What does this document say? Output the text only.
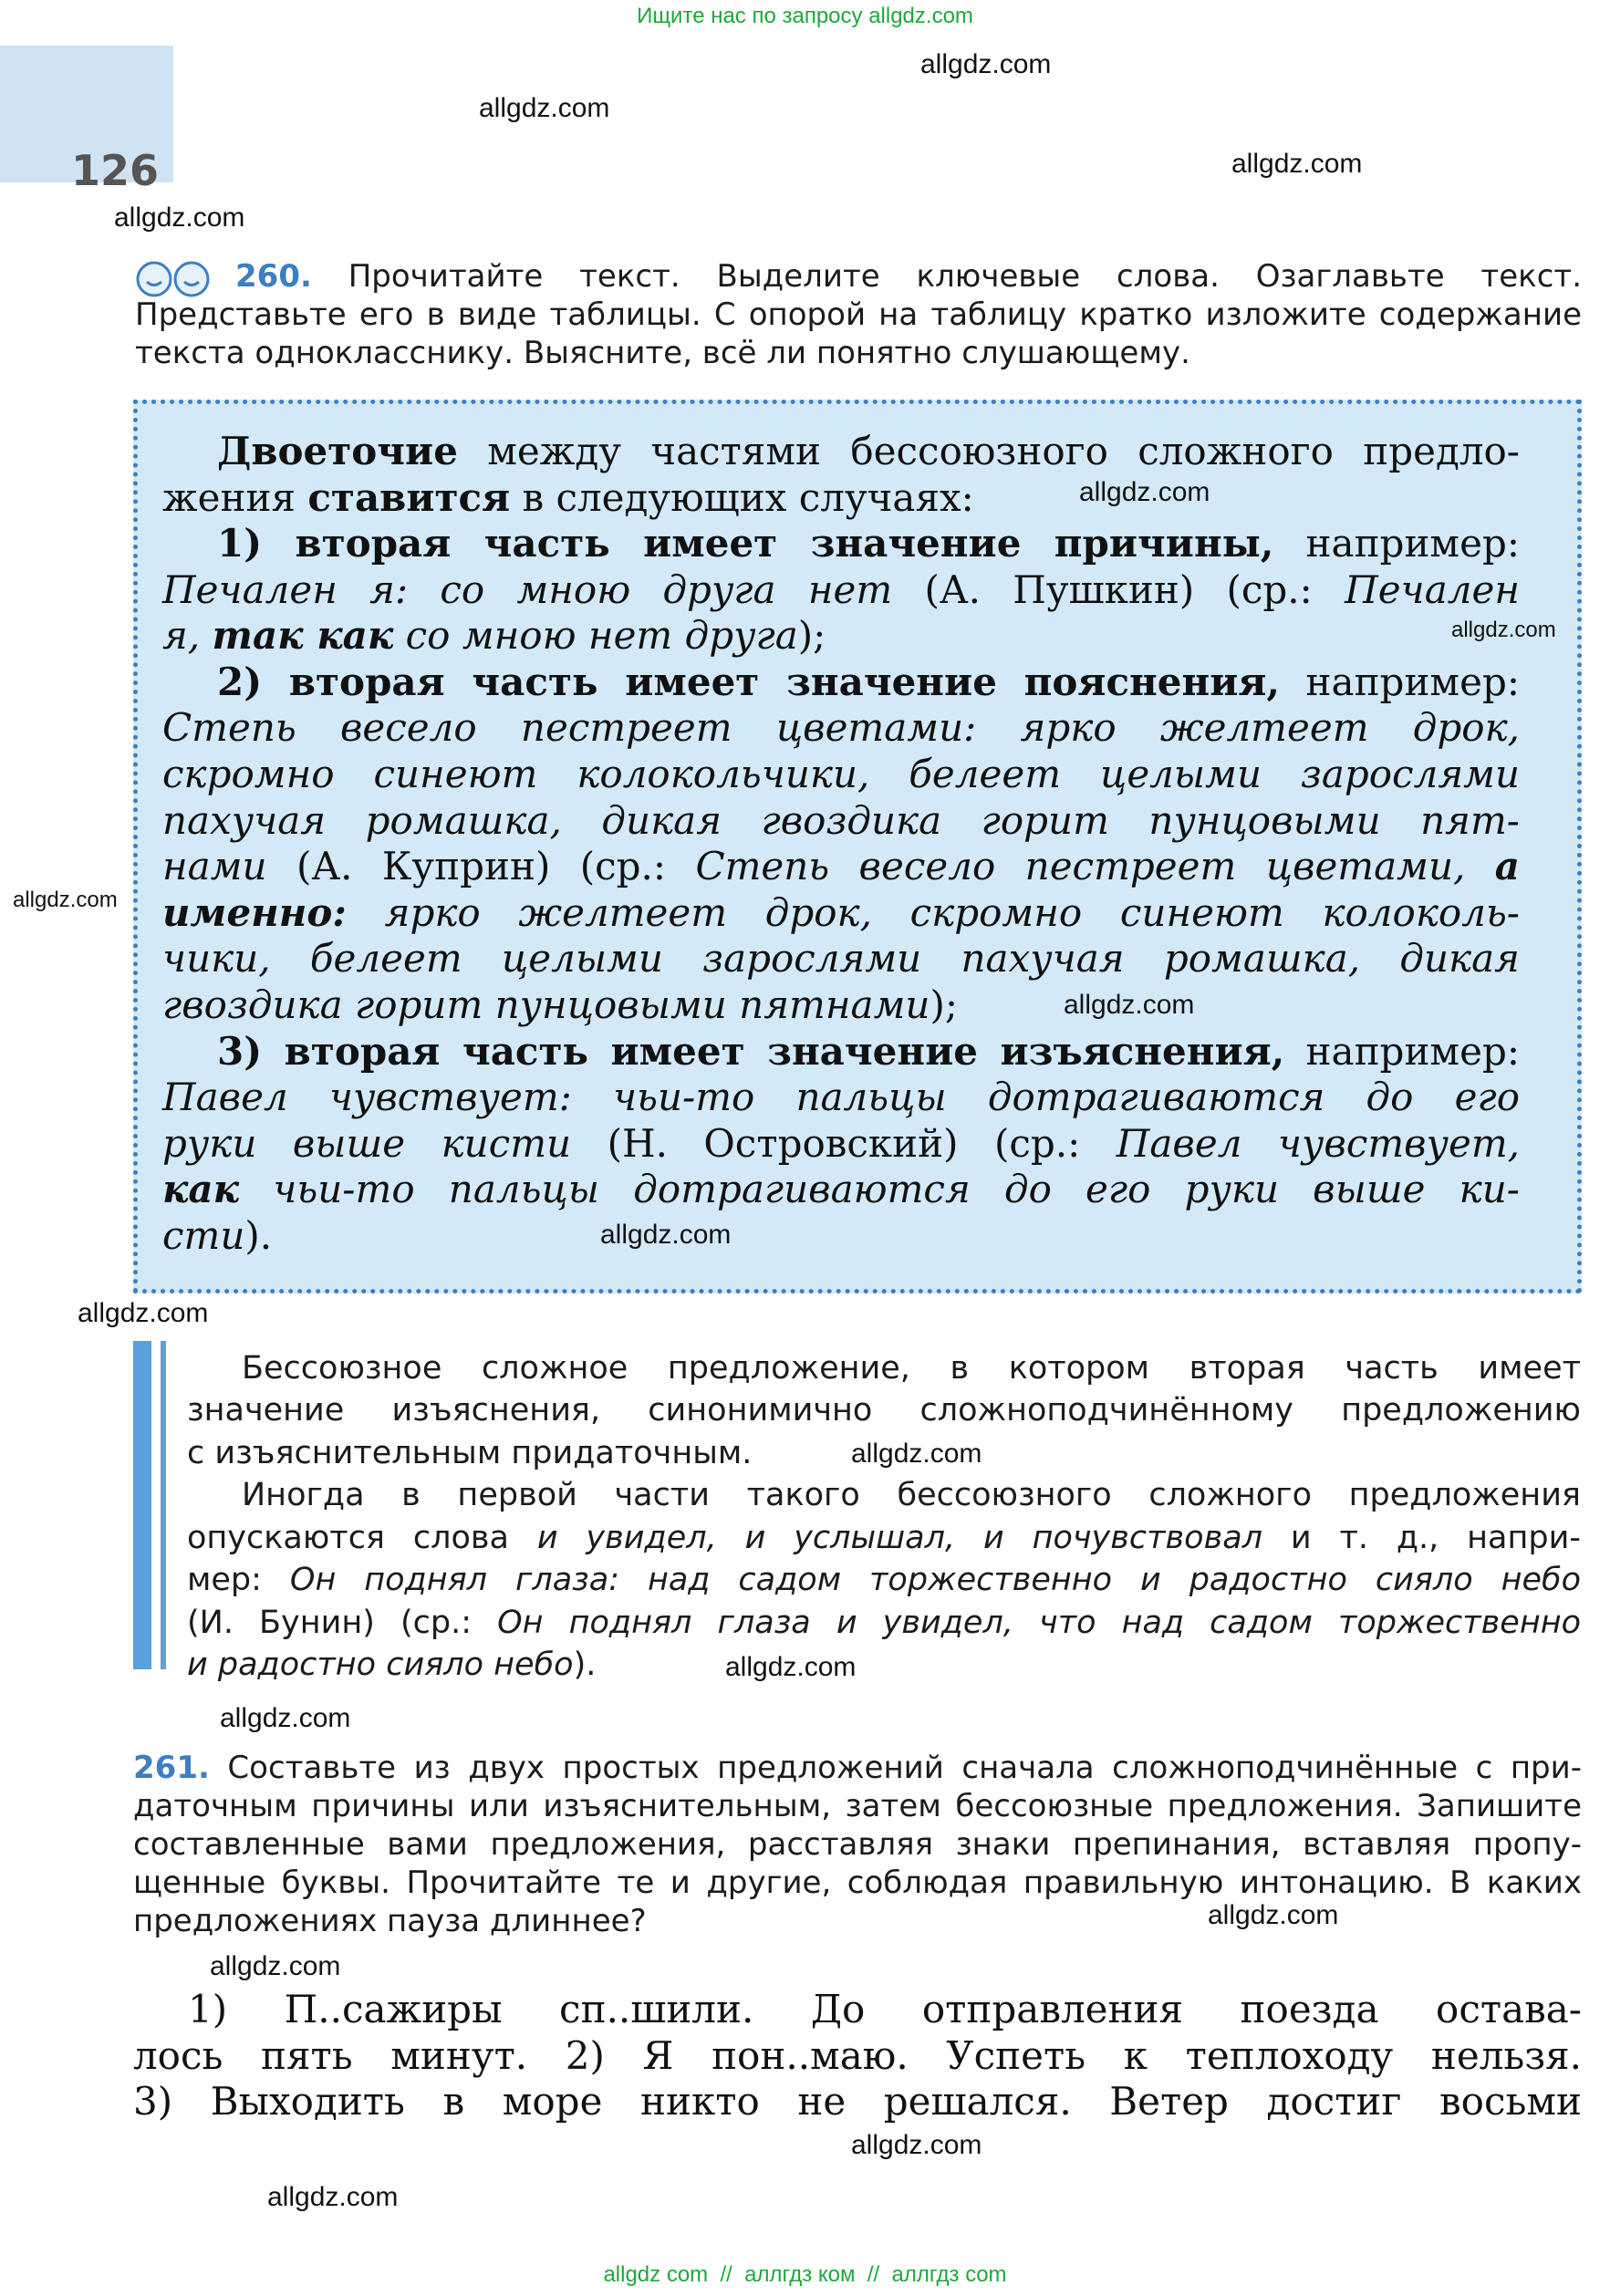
Ищите нас по запросу allgdz.com
126
260. Прочитайте текст. Выделите ключевые слова. Озаглавьте текст.
Представьте его в виде таблицы. С опорой на таблицу кратко изложите содержание
текста однокласснику. Выясните, всё ли понятно слушающему.
Двоеточие между частями бессоюзного сложного предло-
жения ставится в следующих случаях:
1) вторая часть имеет значение причины, например:
Печален я: со мною друга нет (А. Пушкин) (ср.: Печален
я, так как со мною нет друга);
2) вторая часть имеет значение пояснения, например:
Степь весело пестреет цветами: ярко желтеет дрок,
скромно синеют колокольчики, белеет целыми зарослями
пахучая ромашка, дикая гвоздика горит пунцовыми пят-
нами (А. Куприн) (ср.: Степь весело пестреет цветами, а
именно: ярко желтеет дрок, скромно синеют колоколь-
чики, белеет целыми зарослями пахучая ромашка, дикая
гвоздика горит пунцовыми пятнами);
3) вторая часть имеет значение изъяснения, например:
Павел чувствует: чьи-то пальцы дотрагиваются до его
руки выше кисти (Н. Островский) (ср.: Павел чувствует,
как чьи-то пальцы дотрагиваются до его руки выше ки-
сти).
Бессоюзное сложное предложение, в котором вторая часть имеет
значение изъяснения, синонимично сложноподчинённому предложению
с изъяснительным придаточным.
Иногда в первой части такого бессоюзного сложного предложения
опускаются слова и увидел, и услышал, и почувствовал и т. д., напри-
мер: Он поднял глаза: над садом торжественно и радостно сияло небо
(И. Бунин) (ср.: Он поднял глаза и увидел, что над садом торжественно
и радостно сияло небо).
261. Составьте из двух простых предложений сначала сложноподчинённые с при-
даточным причины или изъяснительным, затем бессоюзные предложения. Запишите
составленные вами предложения, расставляя знаки препинания, вставляя пропу-
щенные буквы. Прочитайте те и другие, соблюдая правильную интонацию. В каких
предложениях пауза длиннее?
1) П..сажиры сп..шили. До отправления поезда остава-
лось пять минут. 2) Я пон..маю. Успеть к теплоходу нельзя.
3) Выходить в море никто не решался. Ветер достиг восьми
allgdz.com
allgdz.com
allgdz.com
allgdz.com
allgdz.com
allgdz.com
allgdz.com
allgdz.com
allgdz.com
allgdz.com
allgdz.com
allgdz.com
allgdz.com
allgdz.com
allgdz.com
allgdz.com
allgdz.com
allgdz com  //  аллгдз ком  //  аллгдз com
